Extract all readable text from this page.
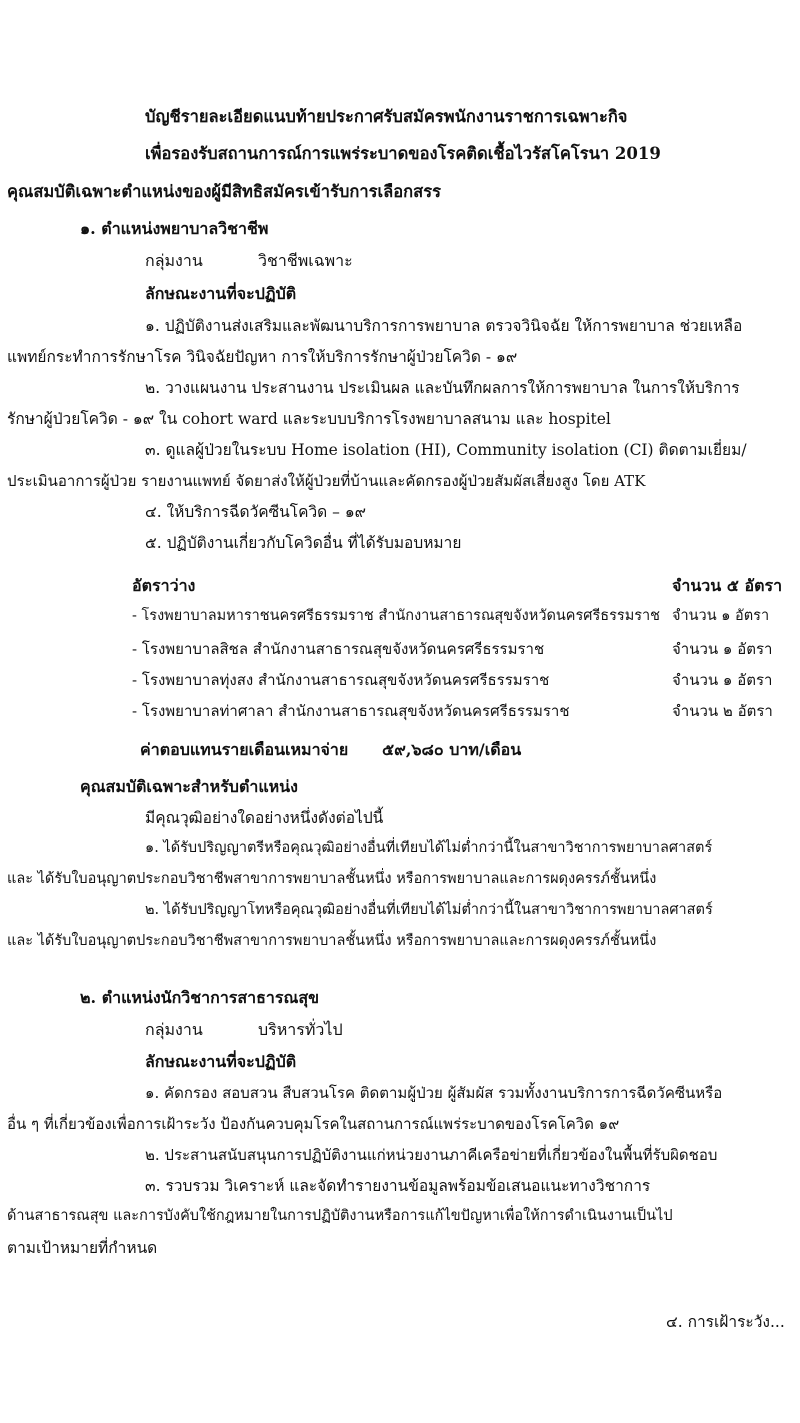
บัญชีรายละเอียดแนบท้ายประกาศรับสมัครพนักงานราชการเฉพาะกิจ
เพื่อรองรับสถานการณ์การแพร่ระบาดของโรคติดเชื้อไวรัสโคโรนา 2019
คุณสมบัติเฉพาะตำแหน่งของผู้มีสิทธิสมัครเข้ารับการเลือกสรร
๑. ตำแหน่งพยาบาลวิชาชีพ
กลุ่มงาน	วิชาชีพเฉพาะ
ลักษณะงานที่จะปฏิบัติ
๑. ปฏิบัติงานส่งเสริมและพัฒนาบริการการพยาบาล ตรวจวินิจฉัย ให้การพยาบาล ช่วยเหลือ
แพทย์กระทำการรักษาโรค วินิจฉัยปัญหา การให้บริการรักษาผู้ป่วยโควิด - ๑๙
๒. วางแผนงาน ประสานงาน ประเมินผล และบันทึกผลการให้การพยาบาล ในการให้บริการ
รักษาผู้ป่วยโควิด - ๑๙ ใน cohort ward และระบบบริการโรงพยาบาลสนาม และ hospitel
๓. ดูแลผู้ป่วยในระบบ Home isolation (HI), Community isolation (CI) ติดตามเยี่ยม/
ประเมินอาการผู้ป่วย รายงานแพทย์ จัดยาส่งให้ผู้ป่วยที่บ้านและคัดกรองผู้ป่วยสัมผัสเสี่ยงสูง โดย ATK
๔. ให้บริการฉีดวัคซีนโควิด – ๑๙
๕. ปฏิบัติงานเกี่ยวกับโควิดอื่น ที่ได้รับมอบหมาย
อัตราว่าง	จำนวน ๕ อัตรา
- โรงพยาบาลมหาราชนครศรีธรรมราช สำนักงานสาธารณสุขจังหวัดนครศรีธรรมราช จำนวน ๑ อัตรา
- โรงพยาบาลสิชล สำนักงานสาธารณสุขจังหวัดนครศรีธรรมราช	จำนวน ๑ อัตรา
- โรงพยาบาลทุ่งสง สำนักงานสาธารณสุขจังหวัดนครศรีธรรมราช	จำนวน ๑ อัตรา
- โรงพยาบาลท่าศาลา สำนักงานสาธารณสุขจังหวัดนครศรีธรรมราช	จำนวน ๒ อัตรา
ค่าตอบแทนรายเดือนเหมาจ่าย ๕๙,๖๘๐ บาท/เดือน
คุณสมบัติเฉพาะสำหรับตำแหน่ง
มีคุณวุฒิอย่างใดอย่างหนึ่งดังต่อไปนี้
๑. ได้รับปริญญาตรีหรือคุณวุฒิอย่างอื่นที่เทียบได้ไม่ต่ำกว่านี้ในสาขาวิชาการพยาบาลศาสตร์
และ ได้รับใบอนุญาตประกอบวิชาชีพสาขาการพยาบาลชั้นหนึ่ง หรือการพยาบาลและการผดุงครรภ์ชั้นหนึ่ง
๒. ได้รับปริญญาโทหรือคุณวุฒิอย่างอื่นที่เทียบได้ไม่ต่ำกว่านี้ในสาขาวิชาการพยาบาลศาสตร์
และ ได้รับใบอนุญาตประกอบวิชาชีพสาขาการพยาบาลชั้นหนึ่ง หรือการพยาบาลและการผดุงครรภ์ชั้นหนึ่ง
๒. ตำแหน่งนักวิชาการสาธารณสุข
กลุ่มงาน	บริหารทั่วไป
ลักษณะงานที่จะปฏิบัติ
๑. คัดกรอง สอบสวน สืบสวนโรค ติดตามผู้ป่วย ผู้สัมผัส รวมทั้งงานบริการการฉีดวัคซีนหรือ
อื่น ๆ ที่เกี่ยวข้องเพื่อการเฝ้าระวัง ป้องกันควบคุมโรคในสถานการณ์แพร่ระบาดของโรคโควิด ๑๙
๒. ประสานสนับสนุนการปฏิบัติงานแก่หน่วยงานภาคีเครือข่ายที่เกี่ยวข้องในพื้นที่รับผิดชอบ
๓. รวบรวม วิเคราะห์ และจัดทำรายงานข้อมูลพร้อมข้อเสนอแนะทางวิชาการ
ด้านสาธารณสุข และการบังคับใช้กฎหมายในการปฏิบัติงานหรือการแก้ไขปัญหาเพื่อให้การดำเนินงานเป็นไป
ตามเป้าหมายที่กำหนด
๔. การเฝ้าระวัง...
